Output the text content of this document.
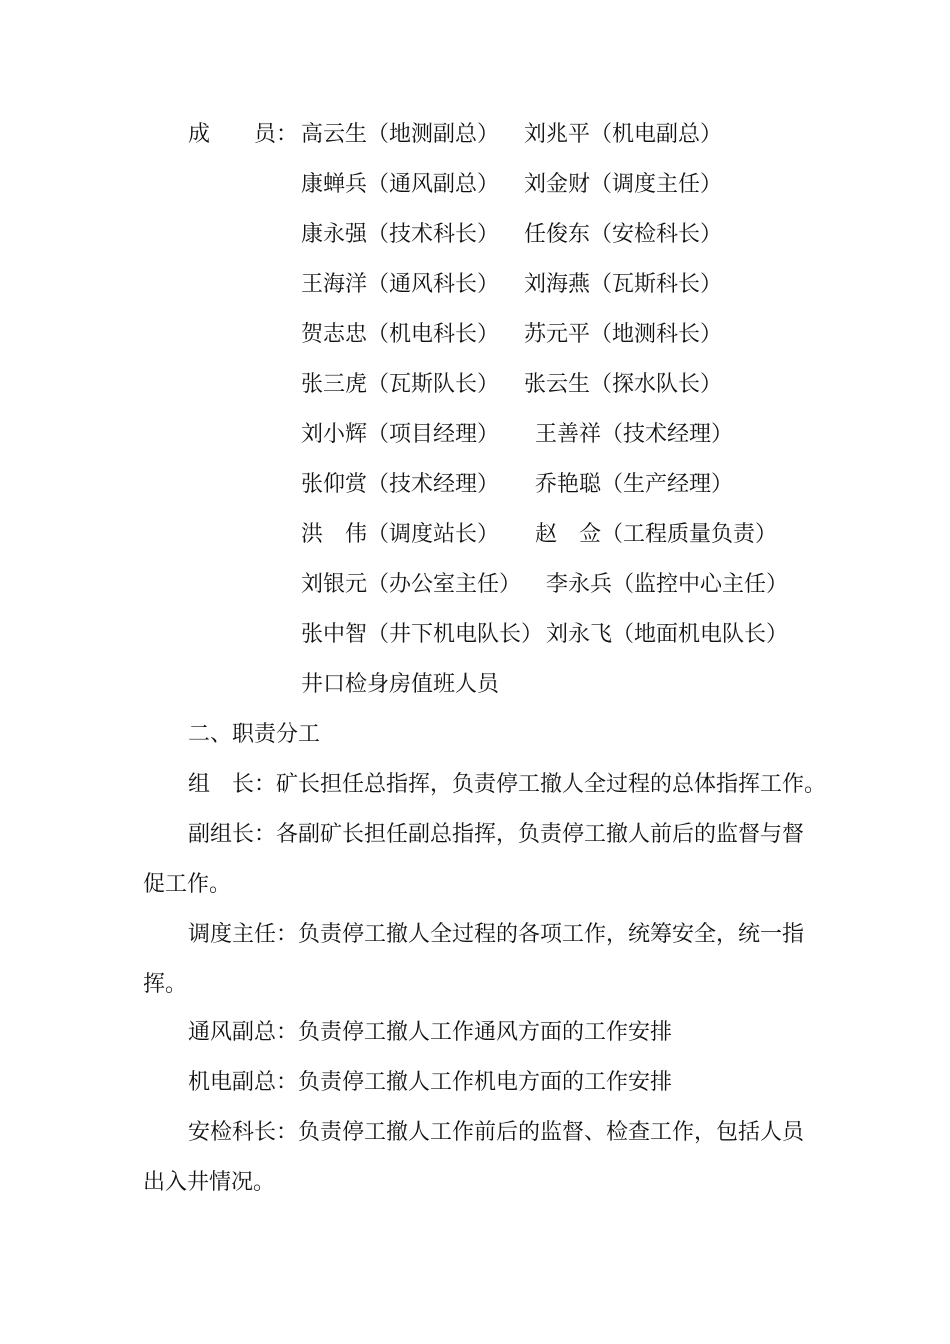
成　　员： 高云生（地测副总） 刘兆平（机电副总）
康蝉兵（通风副总） 刘金财（调度主任）
康永强（技术科长） 任俊东（安检科长）
王海洋（通风科长） 刘海燕（瓦斯科长）
贺志忠（机电科长） 苏元平（地测科长）
张三虎（瓦斯队长） 张云生（探水队长）
刘小辉（项目经理） 王善祥（技术经理）
张仰赏（技术经理） 乔艳聪（生产经理）
洪　伟（调度站长） 赵　佥（工程质量负责）
刘银元（办公室主任） 李永兵（监控中心主任）
张中智（井下机电队长） 刘永飞（地面机电队长）
井口检身房值班人员
二、职责分工
组　长：矿长担任总指挥，负责停工撤人全过程的总体指挥工作。
副组长：各副矿长担任副总指挥，负责停工撤人前后的监督与督
促工作。
调度主任：负责停工撤人全过程的各项工作，统筹安全，统一指
挥。
通风副总：负责停工撤人工作通风方面的工作安排
机电副总：负责停工撤人工作机电方面的工作安排
安检科长：负责停工撤人工作前后的监督、检查工作，包括人员
出入井情况。
